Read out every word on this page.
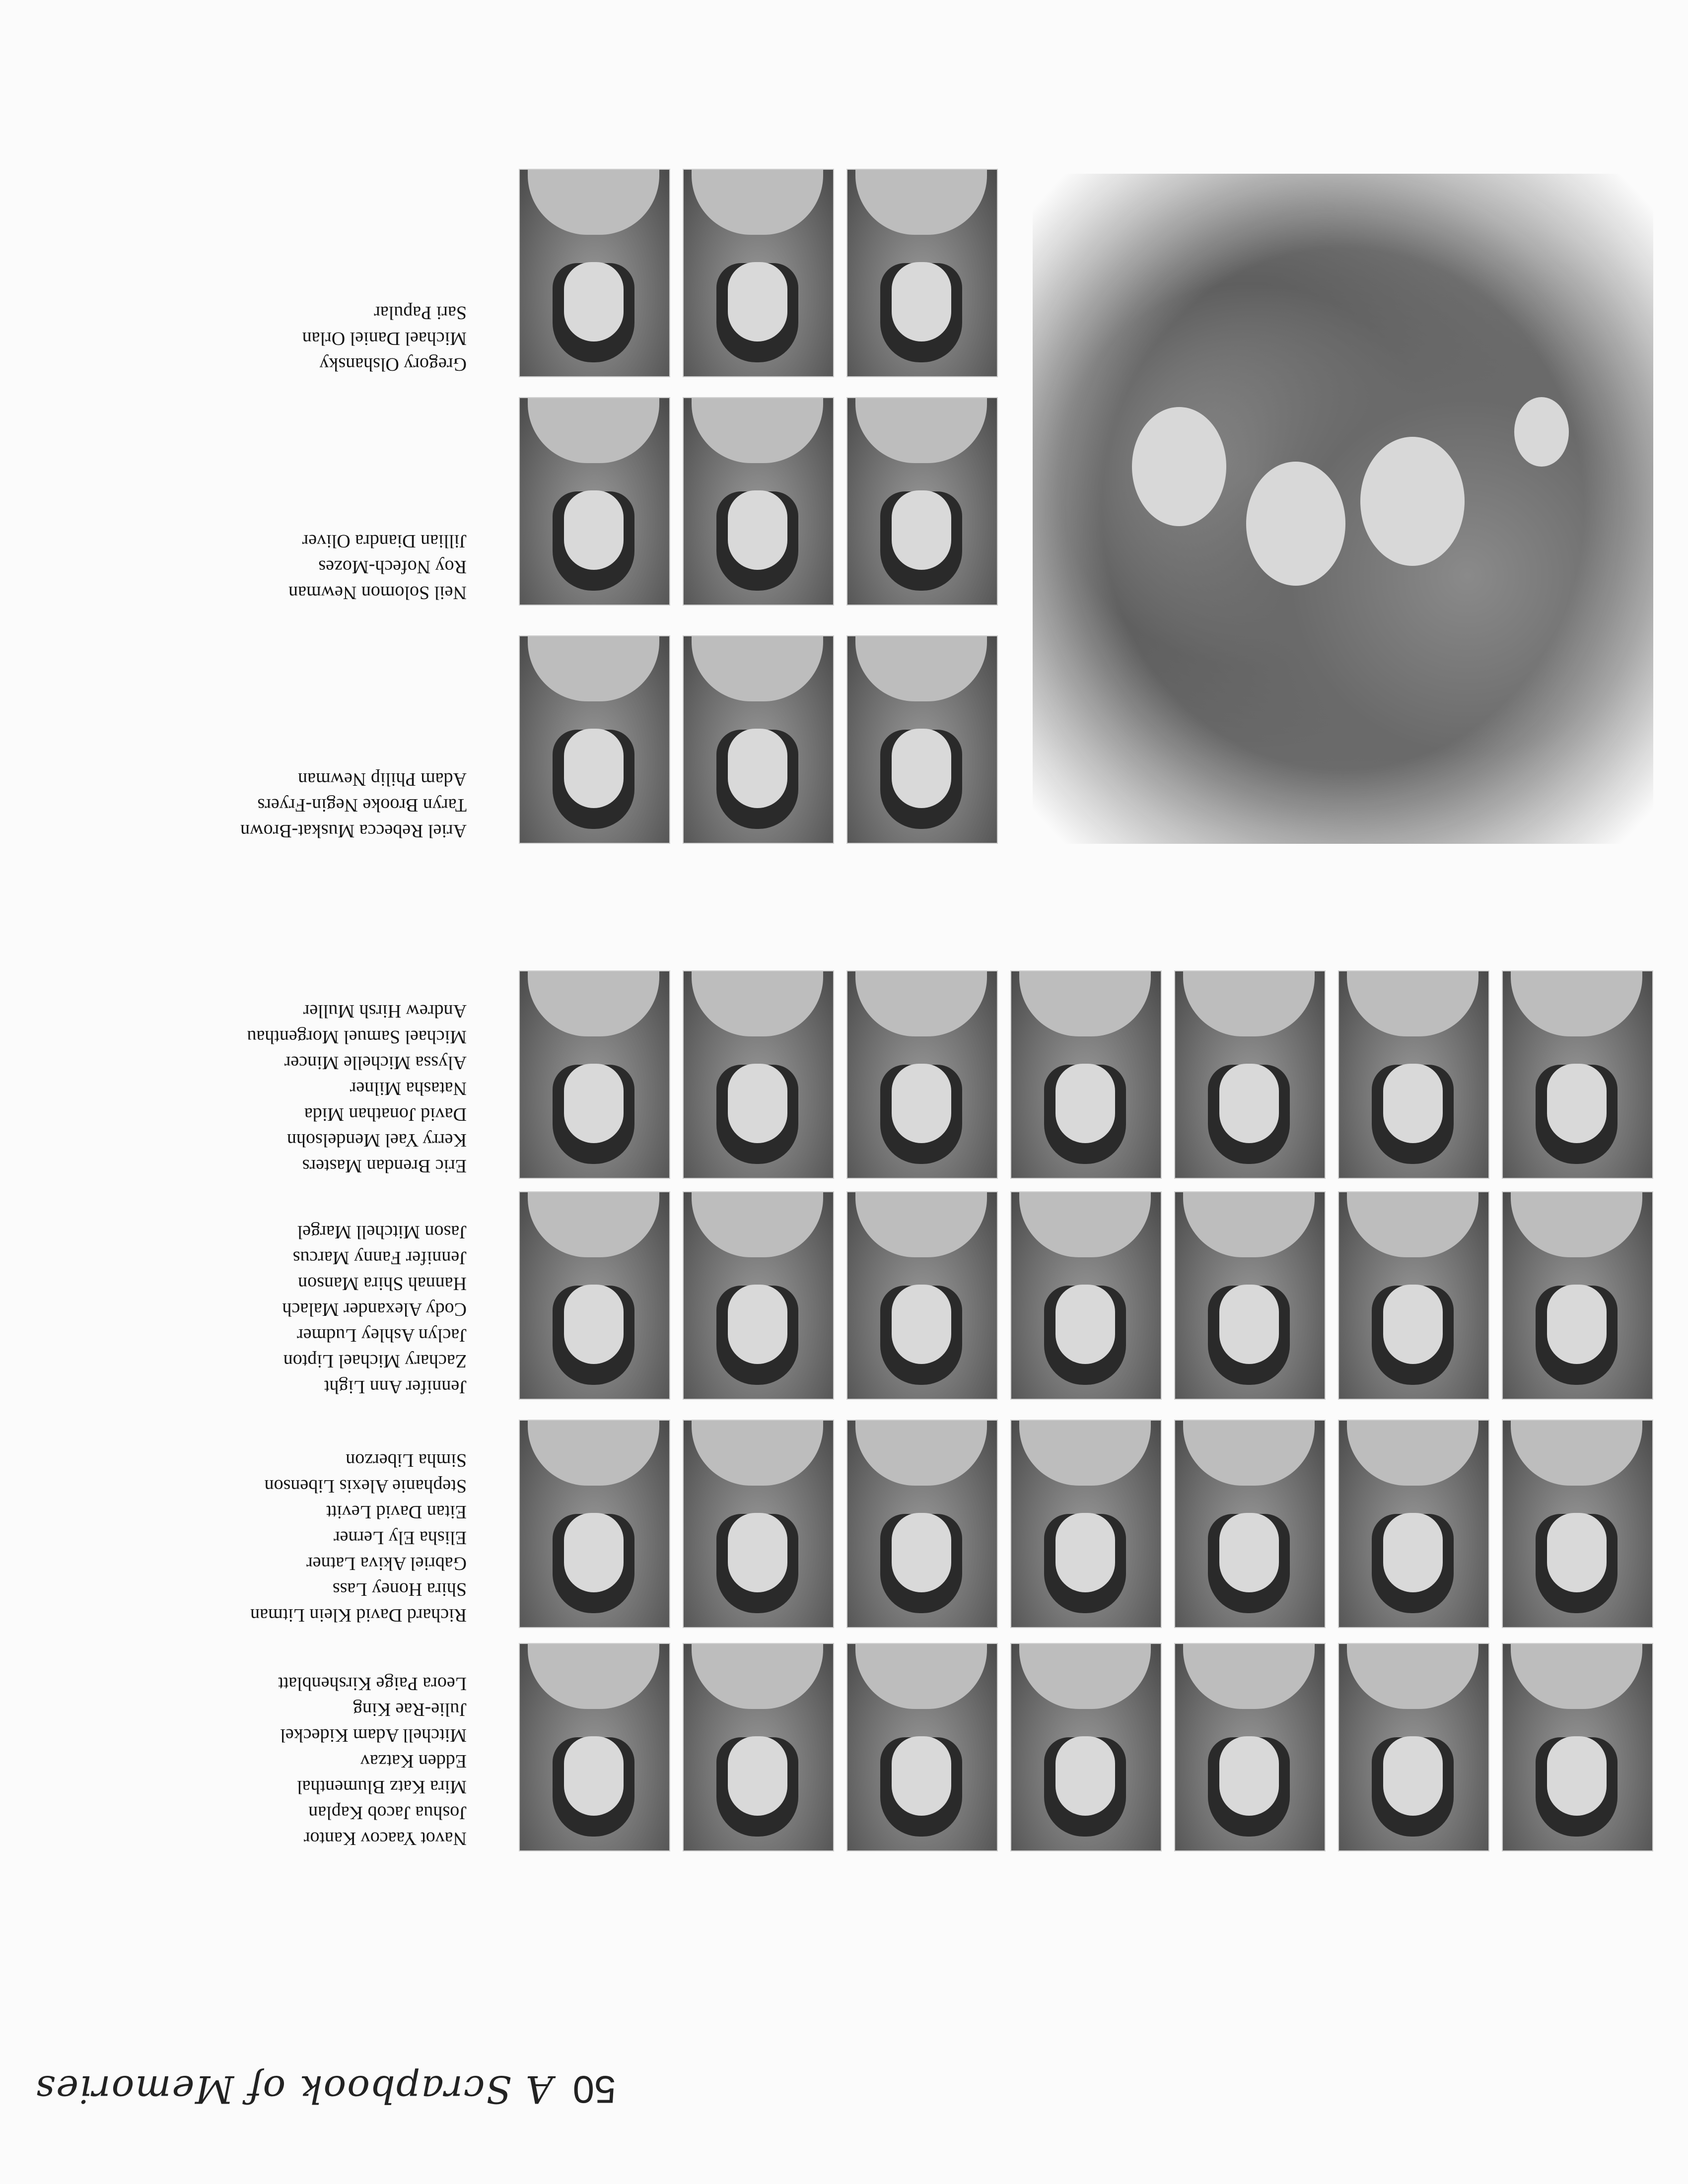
50
A Scrapbook of Memories
Navot Yaacov Kantor
Joshua Jacob Kaplan
Mira Katz Blumenthal
Edden Katzav
Mitchell Adam Kideckel
Julie-Rae King
Leora Paige Kirshenblatt
Richard David Klein Litman
Shira Honey Lass
Gabriel Akiva Latner
Elisha Ely Lerner
Eitan David Levitt
Stephanie Alexis Libenson
Simha Liberzon
Jennifer Ann Light
Zachary Michael Lipton
Jaclyn Ashley Ludmer
Cody Alexander Malach
Hannah Shira Manson
Jennifer Fanny Marcus
Jason Mitchell Margel
Eric Brendan Masters
Kerry Yael Mendelsohn
David Jonathan Mida
Natasha Milner
Alyssa Michelle Mincer
Michael Samuel Morgenthau
Andrew Hirsh Muller
Ariel Rebecca Muskat-Brown
Taryn Brooke Negin-Fryers
Adam Philip Newman
Neil Solomon Newman
Roy Nofech-Mozes
Jillian Diandra Oliver
Gregory Olshansky
Michael Daniel Orlan
Sari Papular
